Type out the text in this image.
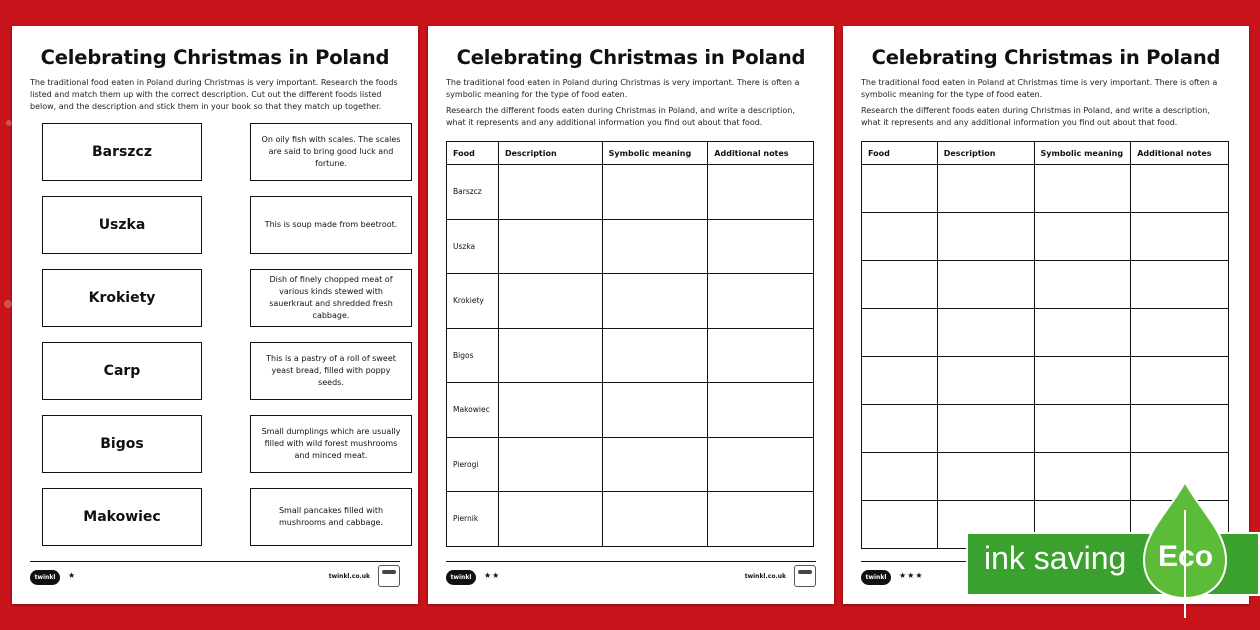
Celebrating Christmas in Poland

The traditional food eaten in Poland during Christmas is very important. Research the foods listed and match them up with the correct description. Cut out the different foods listed below, and the description and stick them in your book so that they match up together.

Barszcz
Uszka
Krokiety
Carp
Bigos
Makowiec
On oily fish with scales. The scales are said to bring good luck and fortune.
This is soup made from beetroot.
Dish of finely chopped meat of various kinds stewed with sauerkraut and shredded fresh cabbage.
This is a pastry of a roll of sweet yeast bread, filled with poppy seeds.
Small dumplings which are usually filled with wild forest mushrooms and minced meat.
Small pancakes filled with mushrooms and cabbage.
twinkl	★	twinkl.co.uk
Celebrating Christmas in Poland

The traditional food eaten in Poland during Christmas is very important. There is often a symbolic meaning for the type of food eaten.

Research the different foods eaten during Christmas in Poland, and write a description, what it represents and any additional information you find out about that food.

Food	Description	Symbolic meaning	Additional notes
Barszcz			
Uszka			
Krokiety			
Bigos			
Makowiec			
Pierogi			
Piernik			
twinkl	★★	twinkl.co.uk
Celebrating Christmas in Poland

The traditional food eaten in Poland at Christmas time is very important. There is often a symbolic meaning for the type of food eaten.

Research the different foods eaten during Christmas in Poland, and write a description, what it represents and any additional information you find out about that food.

Food	Description	Symbolic meaning	Additional notes

twinkl	★★★ ink saving Eco
